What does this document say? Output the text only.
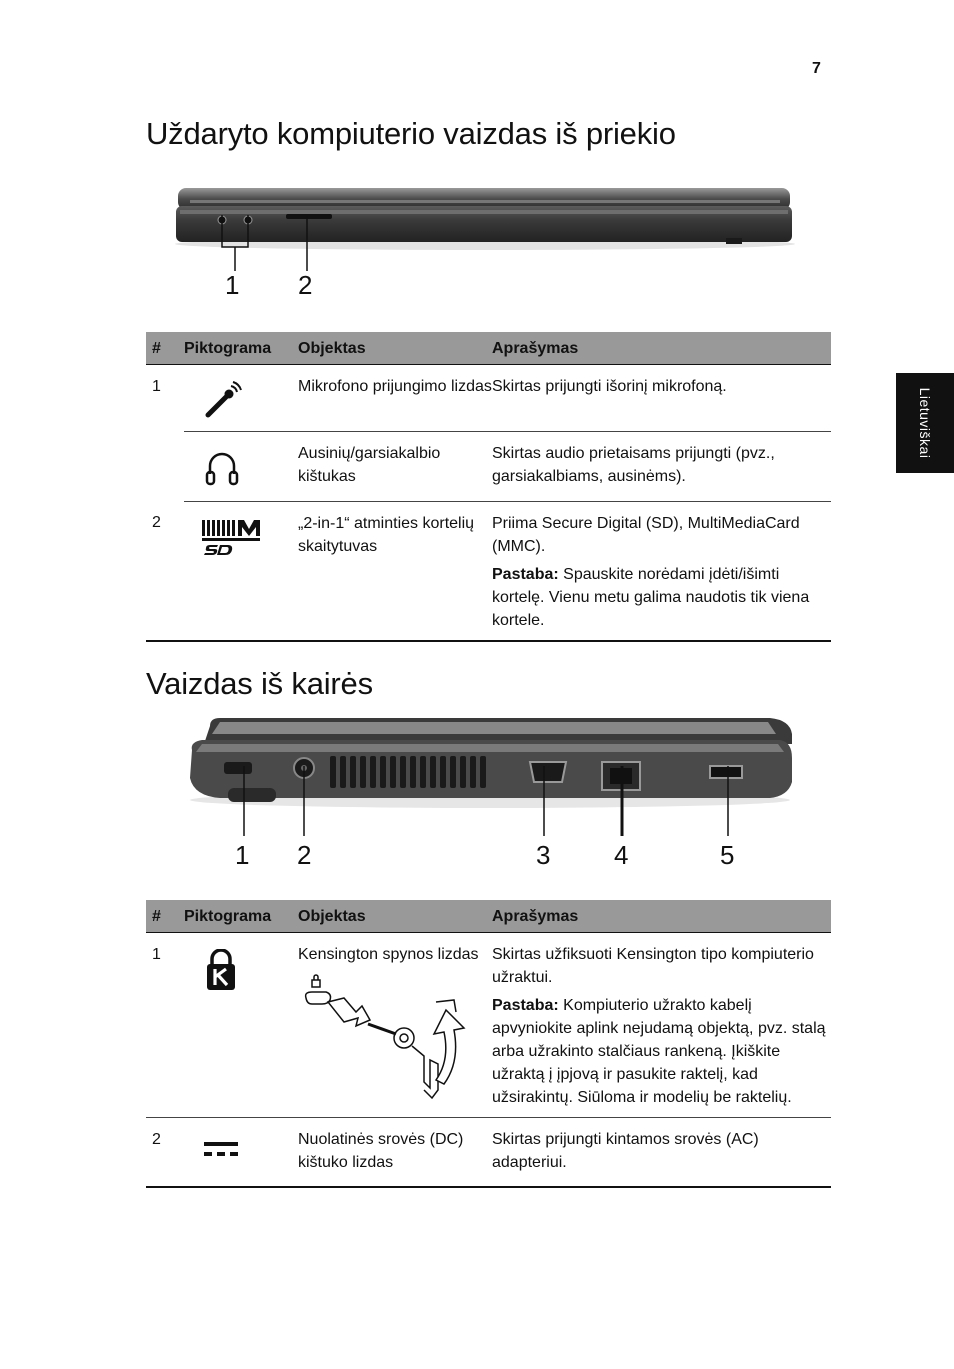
7
Lietuviškai
Uždaryto kompiuterio vaizdas iš priekio
1 2
#	Piktograma	Objektas	Aprašymas
1		Mikrofono prijungimo lizdas	Skirtas prijungti išorinį mikrofoną.

	Ausinių/garsiakalbio kištukas	Skirtas audio prietaisams prijungti (pvz., garsiakalbiams, ausinėms).
2		„2-in-1“ atminties kortelių skaitytuvas	Priima Secure Digital (SD), MultiMediaCard (MMC).

Pastaba: Spauskite norėdami įdėti/išimti kortelę. Vienu metu galima naudotis tik viena kortele.

Vaizdas iš kairės
1 2	3 4	5
#	Piktograma	Objektas	Aprašymas
1		Kensington spynos lizdas	Skirtas užfiksuoti Kensington tipo kompiuterio užraktui.

Pastaba: Kompiuterio užrakto kabelį apvyniokite aplink nejudamą objektą, pvz. stalą arba užrakinto stalčiaus rankeną. Įkiškite užraktą į įpjovą ir pasukite raktelį, kad užsirakintų. Siūloma ir modelių be raktelių.

2		Nuolatinės srovės (DC) kištuko lizdas	Skirtas prijungti kintamos srovės (AC) adapteriui.
